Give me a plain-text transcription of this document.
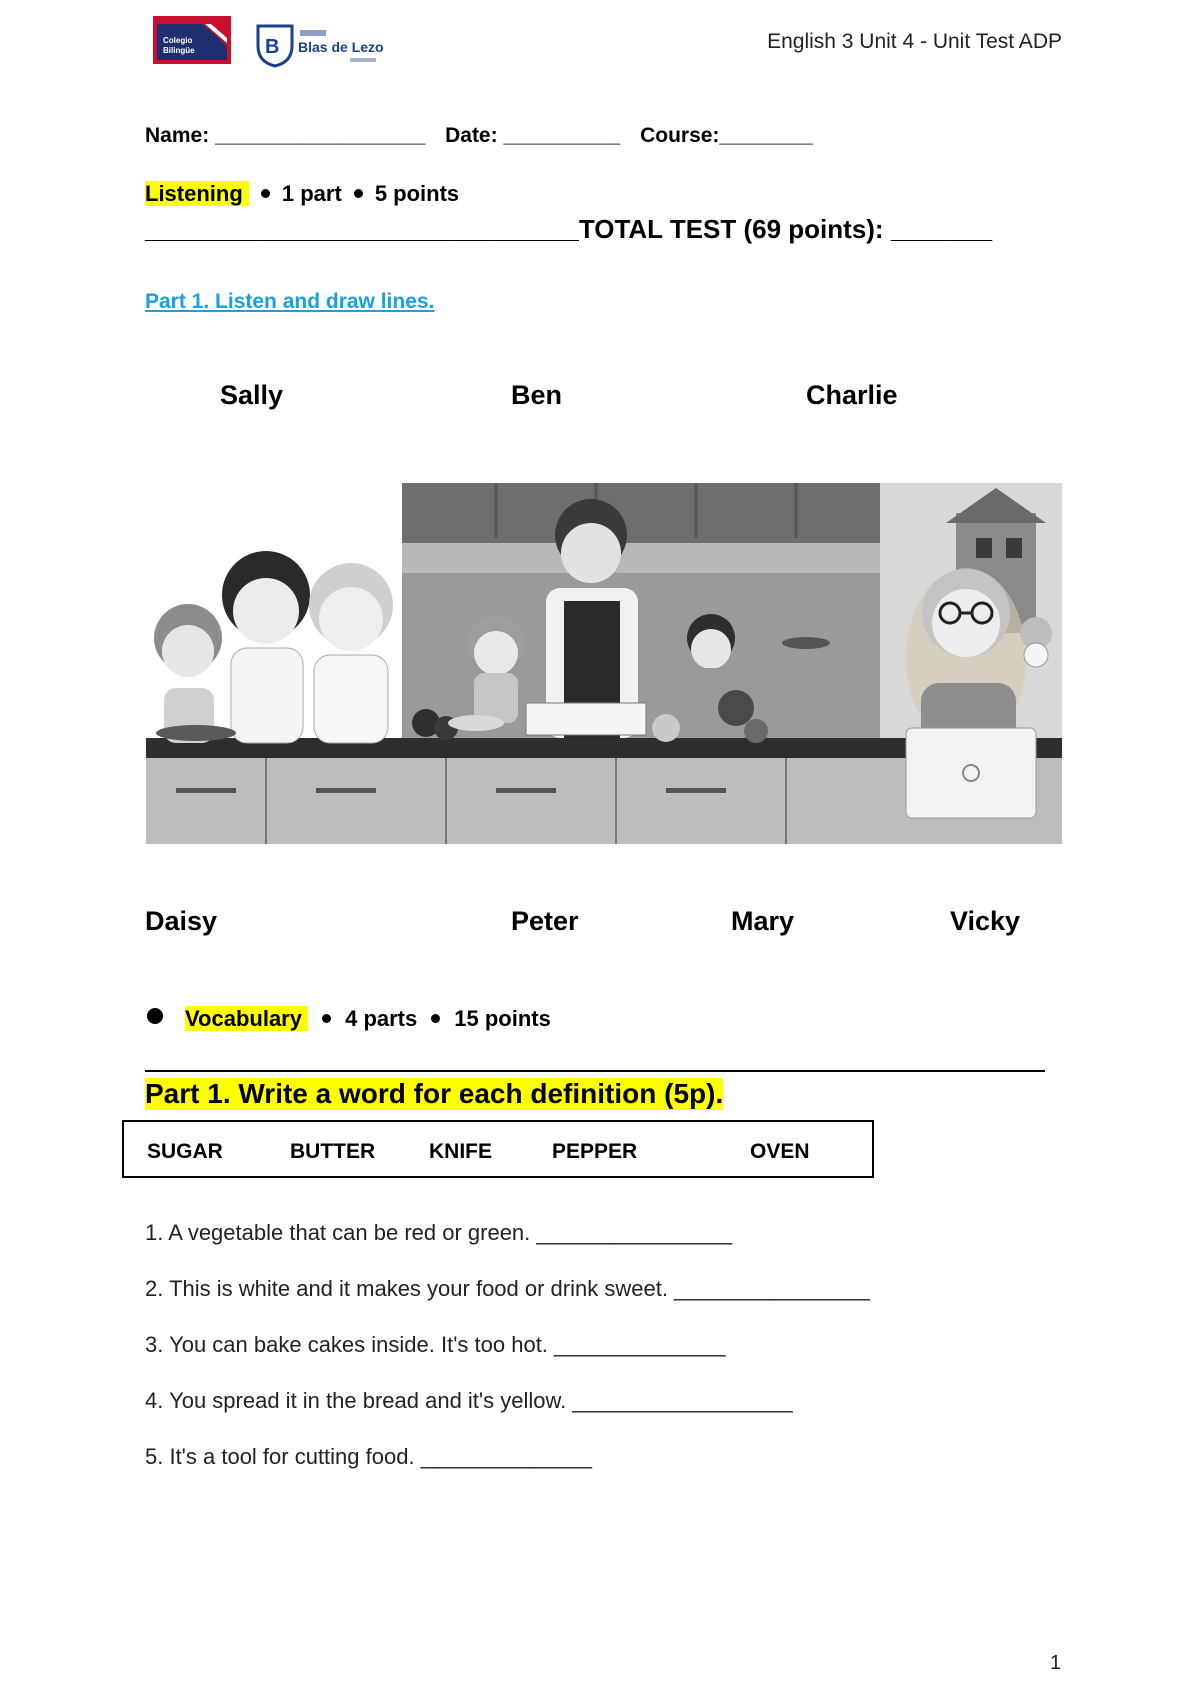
Colegio
Bilingüe	B Blas de Lezo	English 3 Unit 4 - Unit Test ADP
Name: __________________ Date: __________ Course:________
Listening 1 part 5 points
______________________________TOTAL TEST (69 points): _______
Part 1. Listen and draw lines.
Sally	Ben	Charlie
Daisy	Peter	Mary	Vicky
Vocabulary 4 parts 15 points
Part 1. Write a word for each definition (5p).
SUGAR	BUTTER	KNIFE	PEPPER	OVEN
1. A vegetable that can be red or green. ________________
2. This is white and it makes your food or drink sweet. ________________
3. You can bake cakes inside. It's too hot. ______________
4. You spread it in the bread and it's yellow. __________________
5. It's a tool for cutting food. ______________
1
